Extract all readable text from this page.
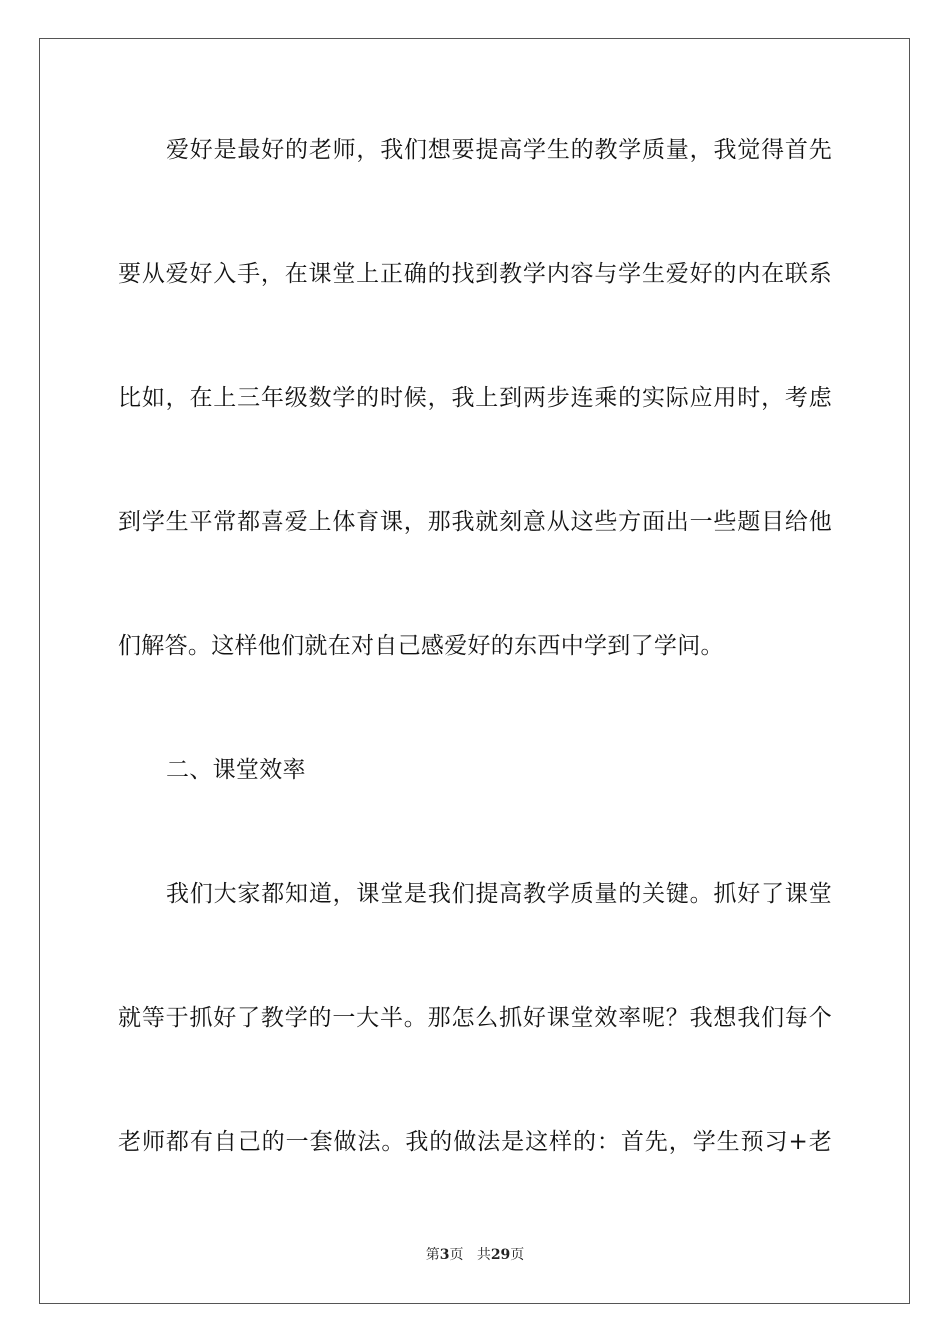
爱好是最好的老师，我们想要提高学生的教学质量，我觉得首先
要从爱好入手，在课堂上正确的找到教学内容与学生爱好的内在联系
比如，在上三年级数学的时候，我上到两步连乘的实际应用时，考虑
到学生平常都喜爱上体育课，那我就刻意从这些方面出一些题目给他
们解答。这样他们就在对自己感爱好的东西中学到了学问。
二、课堂效率
我们大家都知道，课堂是我们提高教学质量的关键。抓好了课堂
就等于抓好了教学的一大半。那怎么抓好课堂效率呢？我想我们每个
老师都有自己的一套做法。我的做法是这样的：首先，学生预习+老
第3页 共29页
